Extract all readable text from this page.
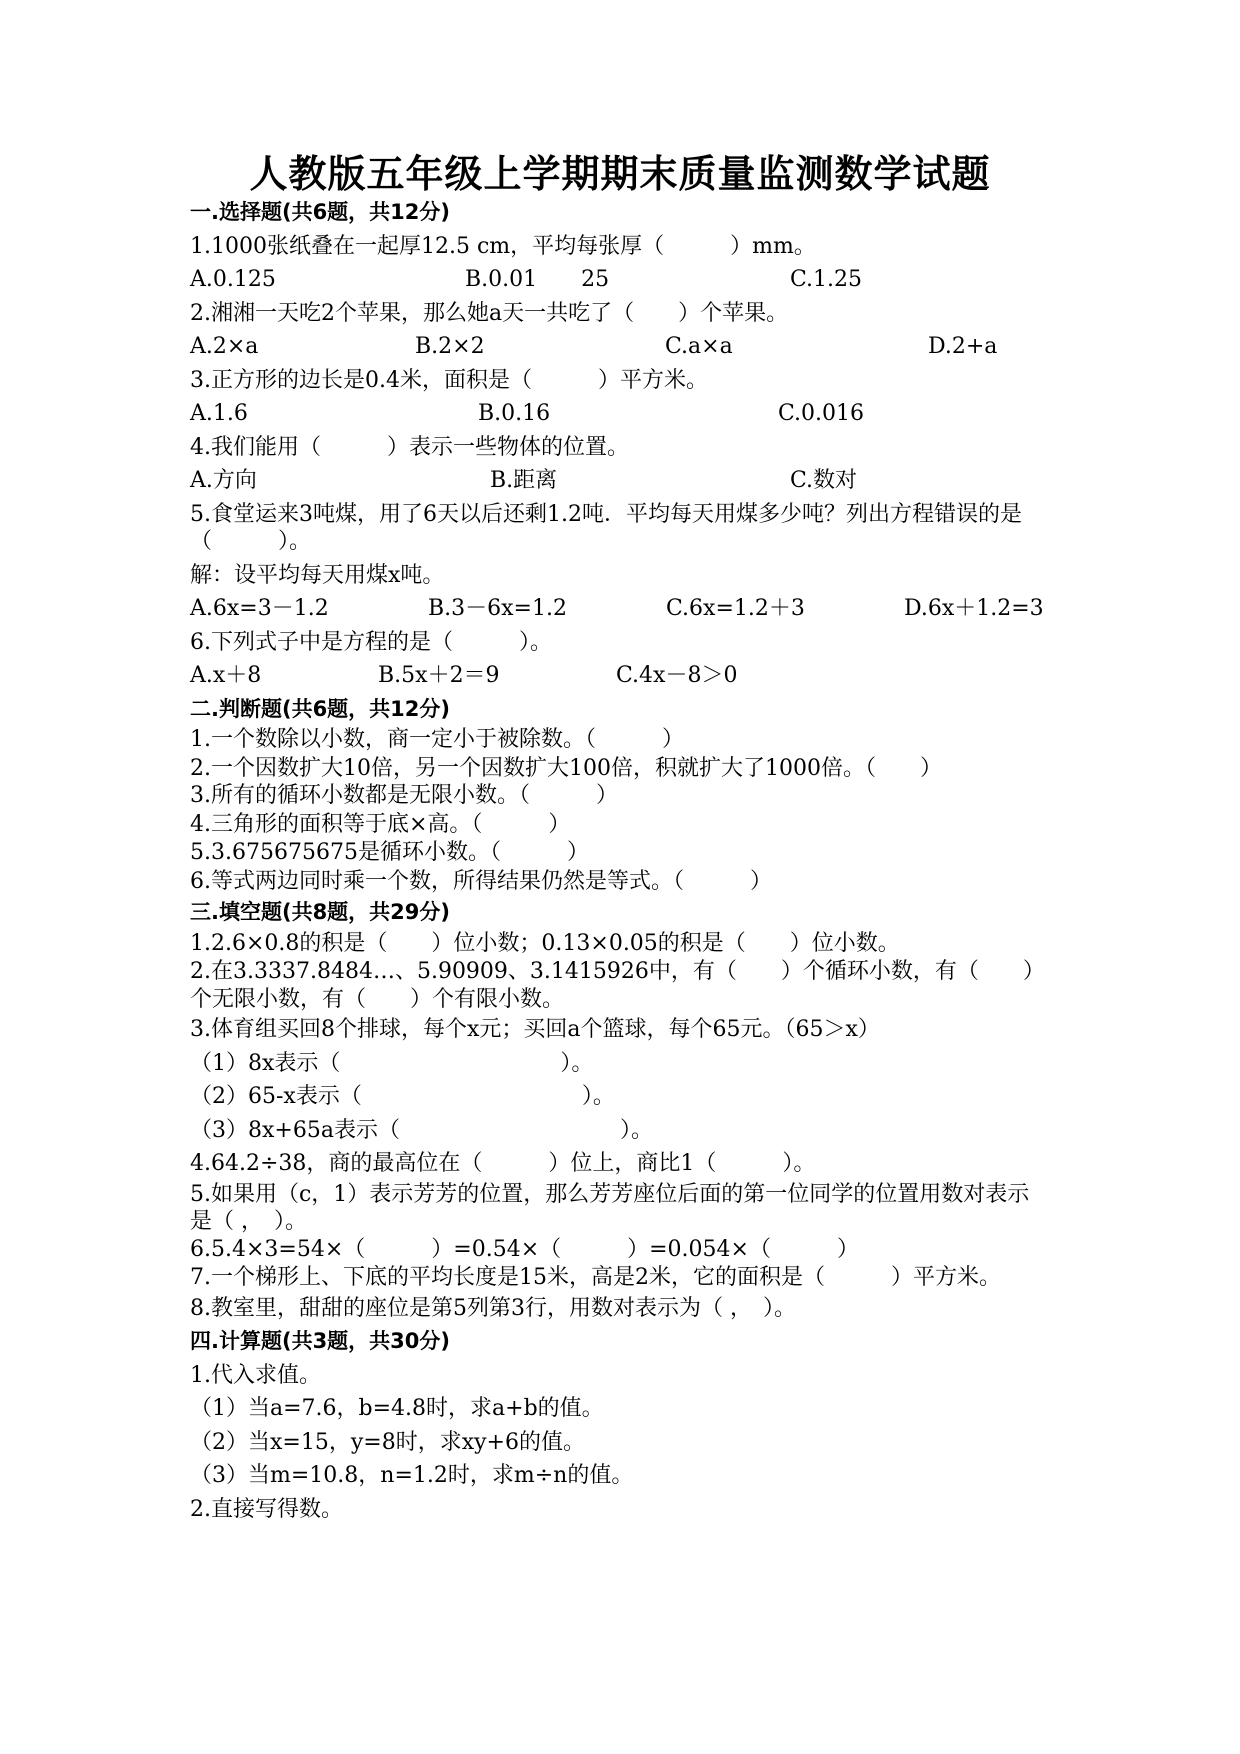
人教版五年级上学期期末质量监测数学试题
一.选择题(共6题，共12分)
1.1000张纸叠在一起厚12.5 cm，平均每张厚（　　　）mm。
A.0.125	B.0.01　　25	C.1.25
2.湘湘一天吃2个苹果，那么她a天一共吃了（　　）个苹果。
A.2×a	B.2×2	C.a×a	D.2+a
3.正方形的边长是0.4米，面积是（　　　）平方米。
A.1.6	B.0.16	C.0.016
4.我们能用（　　　）表示一些物体的位置。
A.方向	B.距离	C.数对
5.食堂运来3吨煤，用了6天以后还剩1.2吨．平均每天用煤多少吨？列出方程错误的是（　　　）。
解：设平均每天用煤x吨。
A.6x=3－1.2	B.3－6x=1.2	C.6x=1.2＋3	D.6x＋1.2=3
6.下列式子中是方程的是（　　　）。
A.x＋8	B.5x＋2＝9	C.4x－8＞0
二.判断题(共6题，共12分)
1.一个数除以小数，商一定小于被除数。（　　　）
2.一个因数扩大10倍，另一个因数扩大100倍，积就扩大了1000倍。（　　）
3.所有的循环小数都是无限小数。（　　　）
4.三角形的面积等于底×高。（　　　）
5.3.675675675是循环小数。（　　　）
6.等式两边同时乘一个数，所得结果仍然是等式。（　　　）
三.填空题(共8题，共29分)
1.2.6×0.8的积是（　　）位小数；0.13×0.05的积是（　　）位小数。
2.在3.3337.8484…、5.90909、3.1415926中，有（　　）个循环小数，有（　　）个无限小数，有（　　）个有限小数。
3.体育组买回8个排球，每个x元；买回a个篮球，每个65元。（65＞x）
（1）8x表示（　　　　　　　　　　）。
（2）65-x表示（　　　　　　　　　　）。
（3）8x+65a表示（　　　　　　　　　　）。
4.64.2÷38，商的最高位在（　　　）位上，商比1（　　　）。
5.如果用（c，1）表示芳芳的位置，那么芳芳座位后面的第一位同学的位置用数对表示是（ ，　）。
6.5.4×3=54×（　　　）=0.54×（　　　）=0.054×（　　　）
7.一个梯形上、下底的平均长度是15米，高是2米，它的面积是（　　　）平方米。
8.教室里，甜甜的座位是第5列第3行，用数对表示为（ ，　）。
四.计算题(共3题，共30分)
1.代入求值。
（1）当a=7.6，b=4.8时，求a+b的值。
（2）当x=15，y=8时，求xy+6的值。
（3）当m=10.8，n=1.2时，求m÷n的值。
2.直接写得数。
